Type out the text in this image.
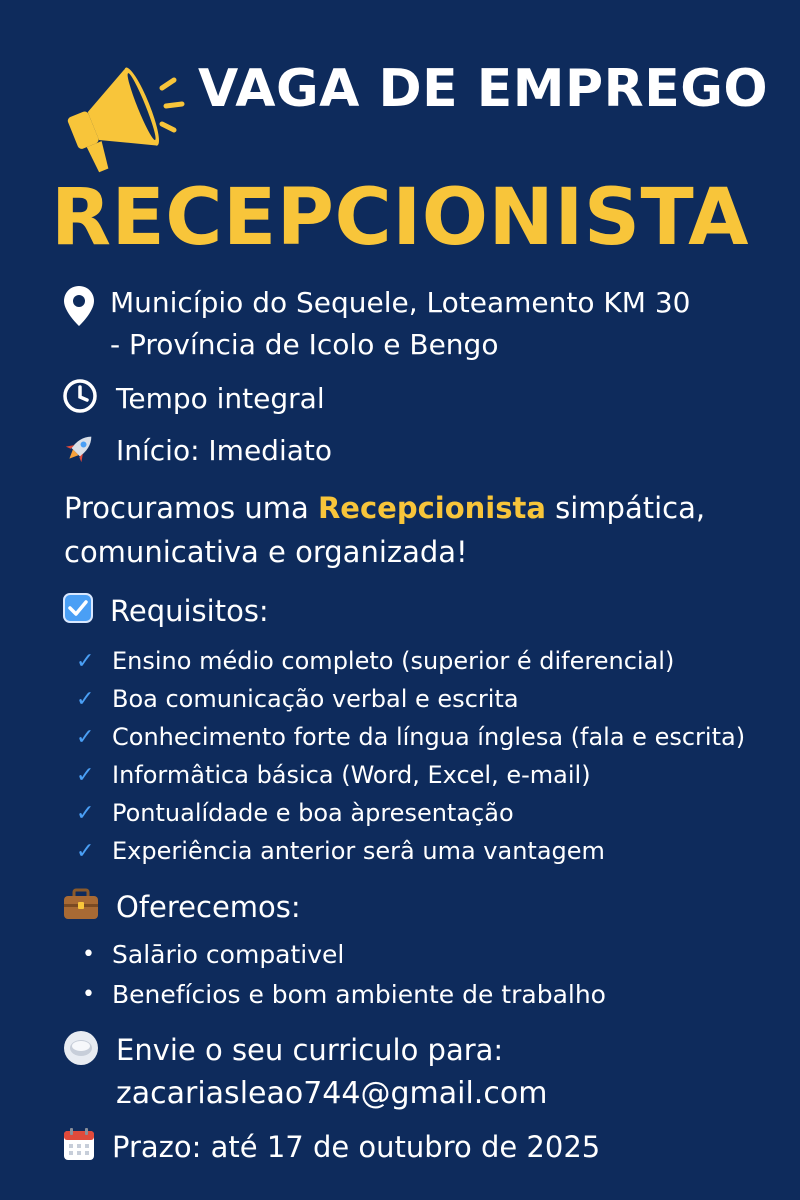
VAGA DE EMPREGO
RECEPCIONISTA
Município do Sequele, Loteamento KM 30
- Província de Icolo e Bengo
Tempo integral
Início: Imediato
Procuramos uma Recepcionista simpática,
comunicativa e organizada!
Requisitos:
✓ Ensino médio completo (superior é diferencial)
✓ Boa comunicação verbal e escrita
✓ Conhecimento forte da língua ínglesa (fala e escrita)
✓ Informâtica básica (Word, Excel, e-mail)
✓ Pontualídade e boa àpresentação
✓ Experiência anterior serâ uma vantagem
Oferecemos:
• Salārio compativel
• Benefícios e bom ambiente de trabalho
Envie o seu curriculo para:
zacariasleao744@gmail.com
Prazo: até 17 de outubro de 2025
